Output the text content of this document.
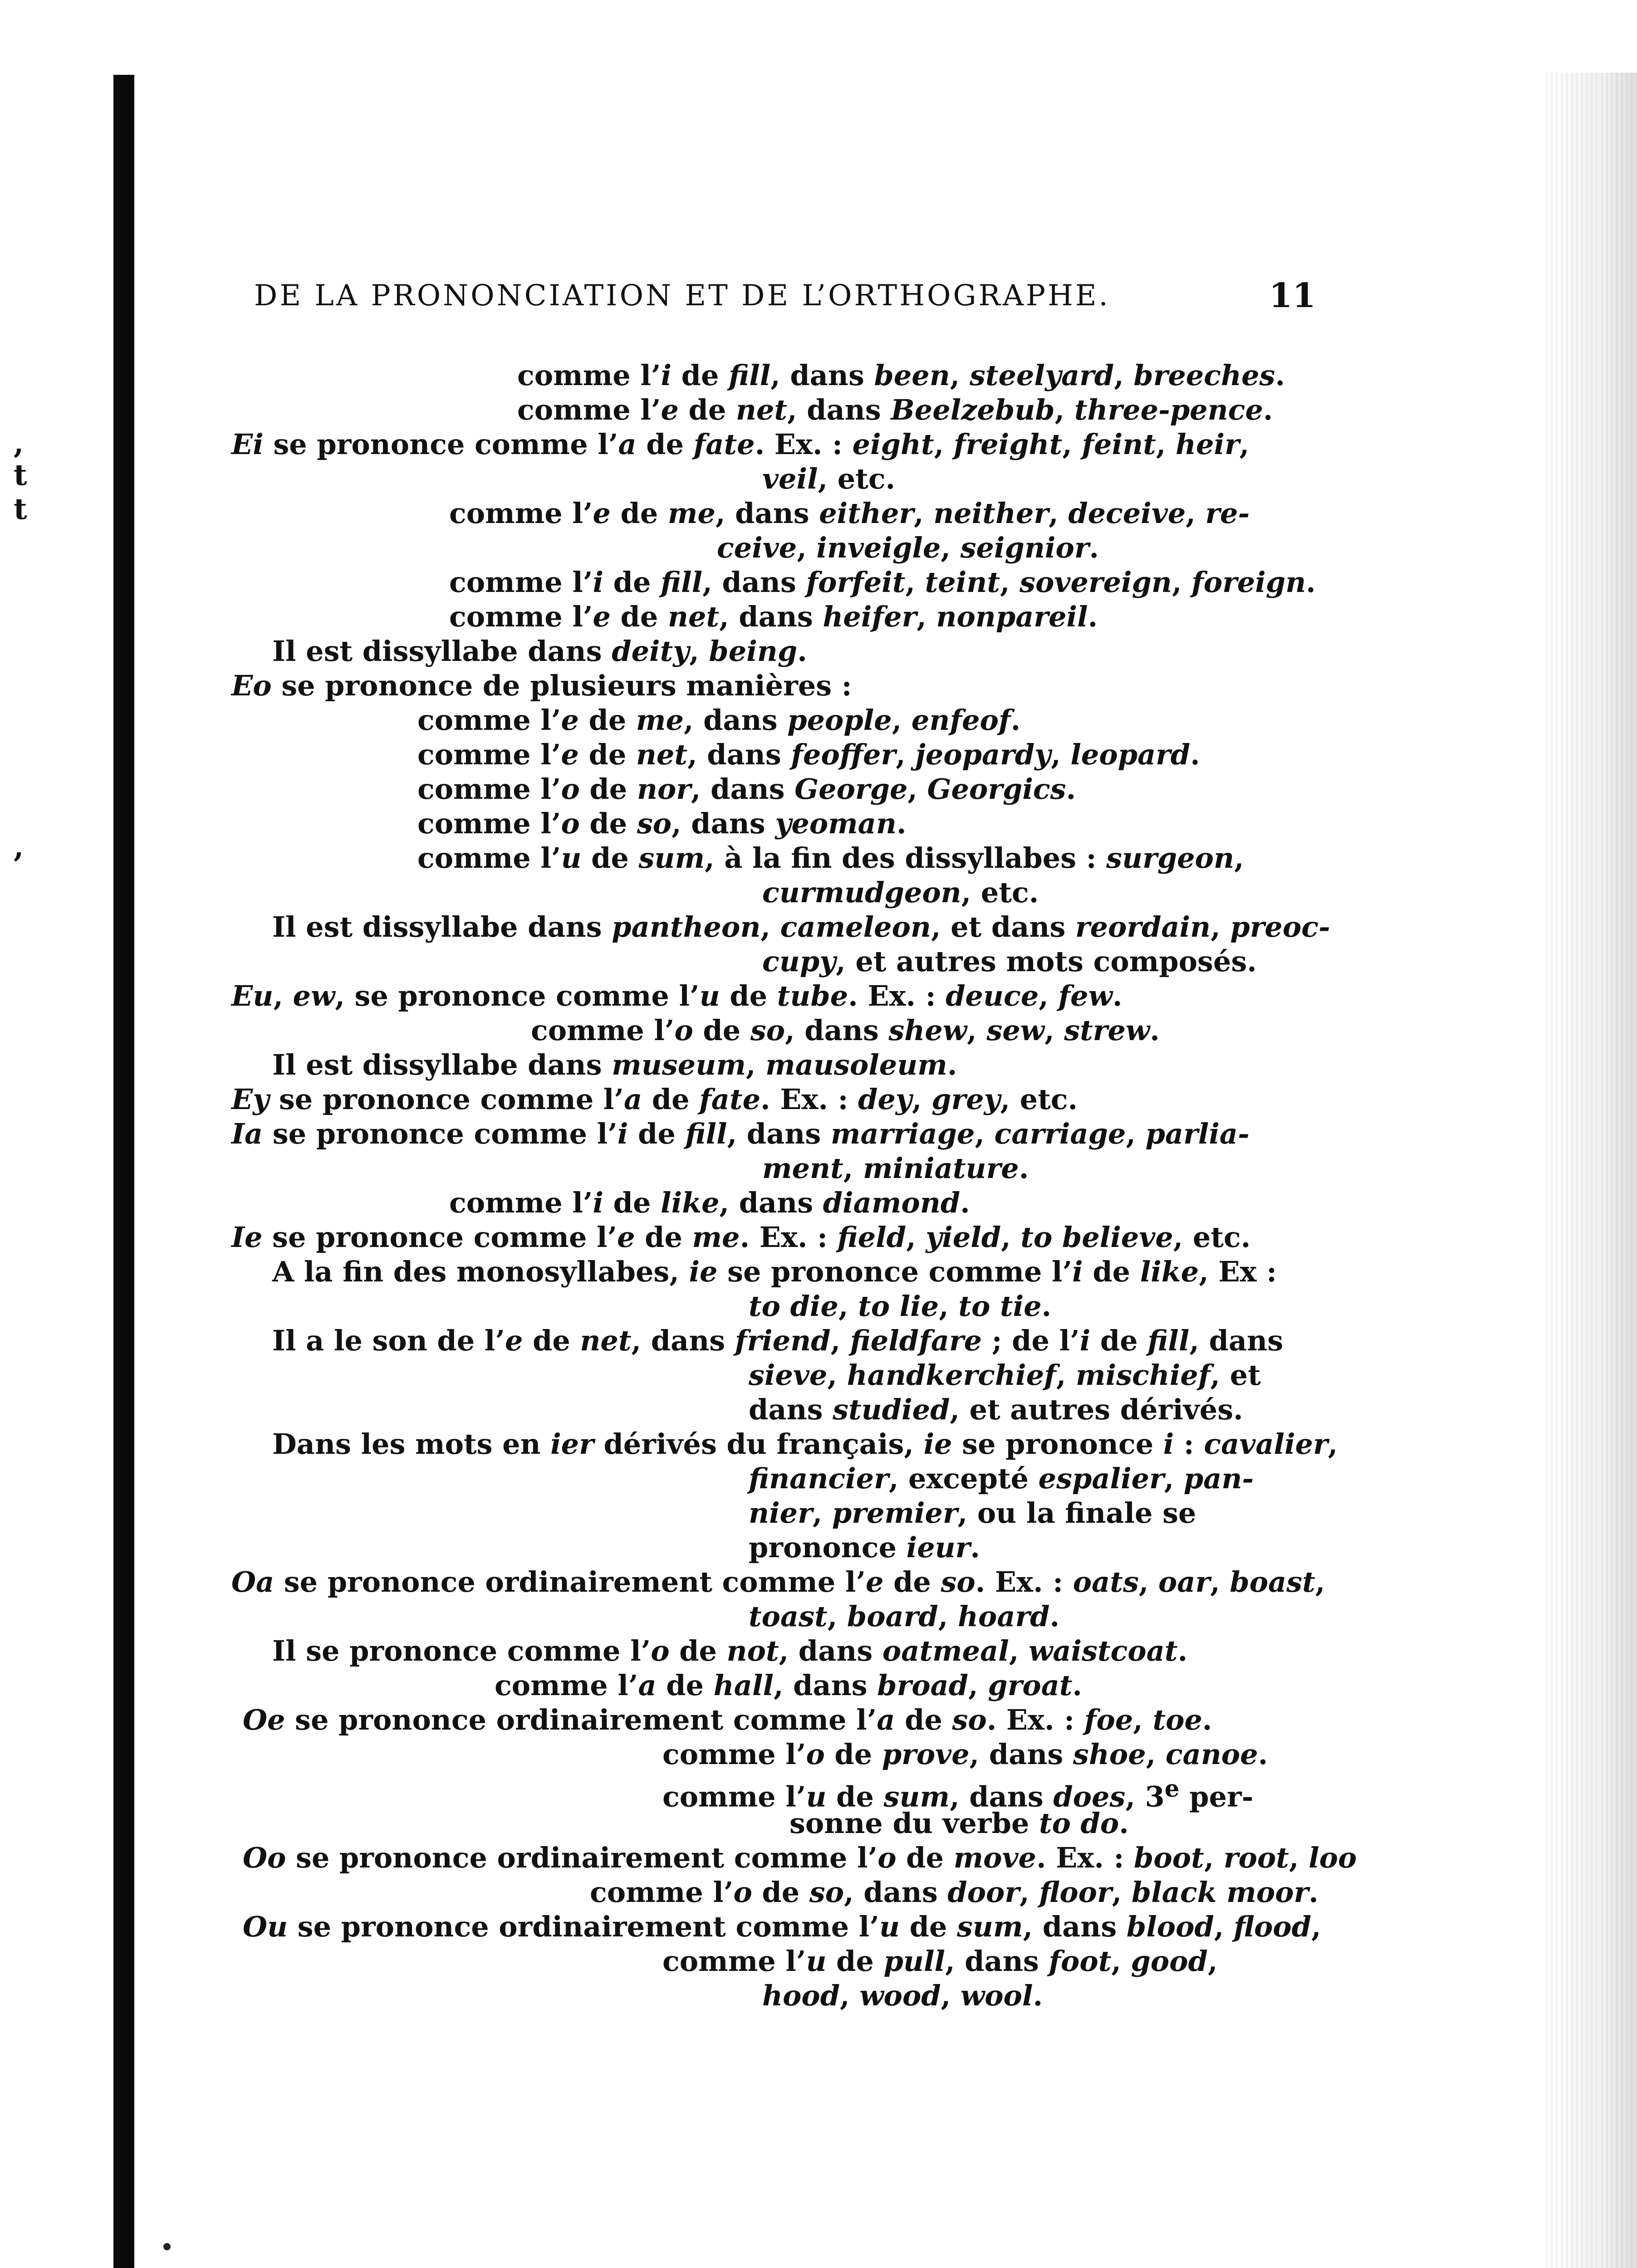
,
t
t
,
DE LA PRONONCIATION ET DE L’ORTHOGRAPHE.	11
comme l’i de fill, dans been, steelyard, breeches.
comme l’e de net, dans Beelzebub, three-pence.
Ei se prononce comme l’a de fate. Ex. : eight, freight, feint, heir,
veil, etc.
comme l’e de me, dans either, neither, deceive, re-
ceive, inveigle, seignior.
comme l’i de fill, dans forfeit, teint, sovereign, foreign.
comme l’e de net, dans heifer, nonpareil.
Il est dissyllabe dans deity, being.
Eo se prononce de plusieurs manières :
comme l’e de me, dans people, enfeof.
comme l’e de net, dans feoffer, jeopardy, leopard.
comme l’o de nor, dans George, Georgics.
comme l’o de so, dans yeoman.
comme l’u de sum, à la fin des dissyllabes : surgeon,
curmudgeon, etc.
Il est dissyllabe dans pantheon, cameleon, et dans reordain, preoc-
cupy, et autres mots composés.
Eu, ew, se prononce comme l’u de tube. Ex. : deuce, few.
comme l’o de so, dans shew, sew, strew.
Il est dissyllabe dans museum, mausoleum.
Ey se prononce comme l’a de fate. Ex. : dey, grey, etc.
Ia se prononce comme l’i de fill, dans marriage, carriage, parlia-
ment, miniature.
comme l’i de like, dans diamond.
Ie se prononce comme l’e de me. Ex. : field, yield, to believe, etc.
A la fin des monosyllabes, ie se prononce comme l’i de like, Ex :
to die, to lie, to tie.
Il a le son de l’e de net, dans friend, fieldfare ; de l’i de fill, dans
sieve, handkerchief, mischief, et
dans studied, et autres dérivés.
Dans les mots en ier dérivés du français, ie se prononce i : cavalier,
financier, excepté espalier, pan-
nier, premier, ou la finale se
prononce ieur.
Oa se prononce ordinairement comme l’e de so. Ex. : oats, oar, boast,
toast, board, hoard.
Il se prononce comme l’o de not, dans oatmeal, waistcoat.
comme l’a de hall, dans broad, groat.
Oe se prononce ordinairement comme l’a de so. Ex. : foe, toe.
comme l’o de prove, dans shoe, canoe.
comme l’u de sum, dans does, 3e per-
sonne du verbe to do.
Oo se prononce ordinairement comme l’o de move. Ex. : boot, root, loo
comme l’o de so, dans door, floor, black moor.
Ou se prononce ordinairement comme l’u de sum, dans blood, flood,
comme l’u de pull, dans foot, good,
hood, wood, wool.
